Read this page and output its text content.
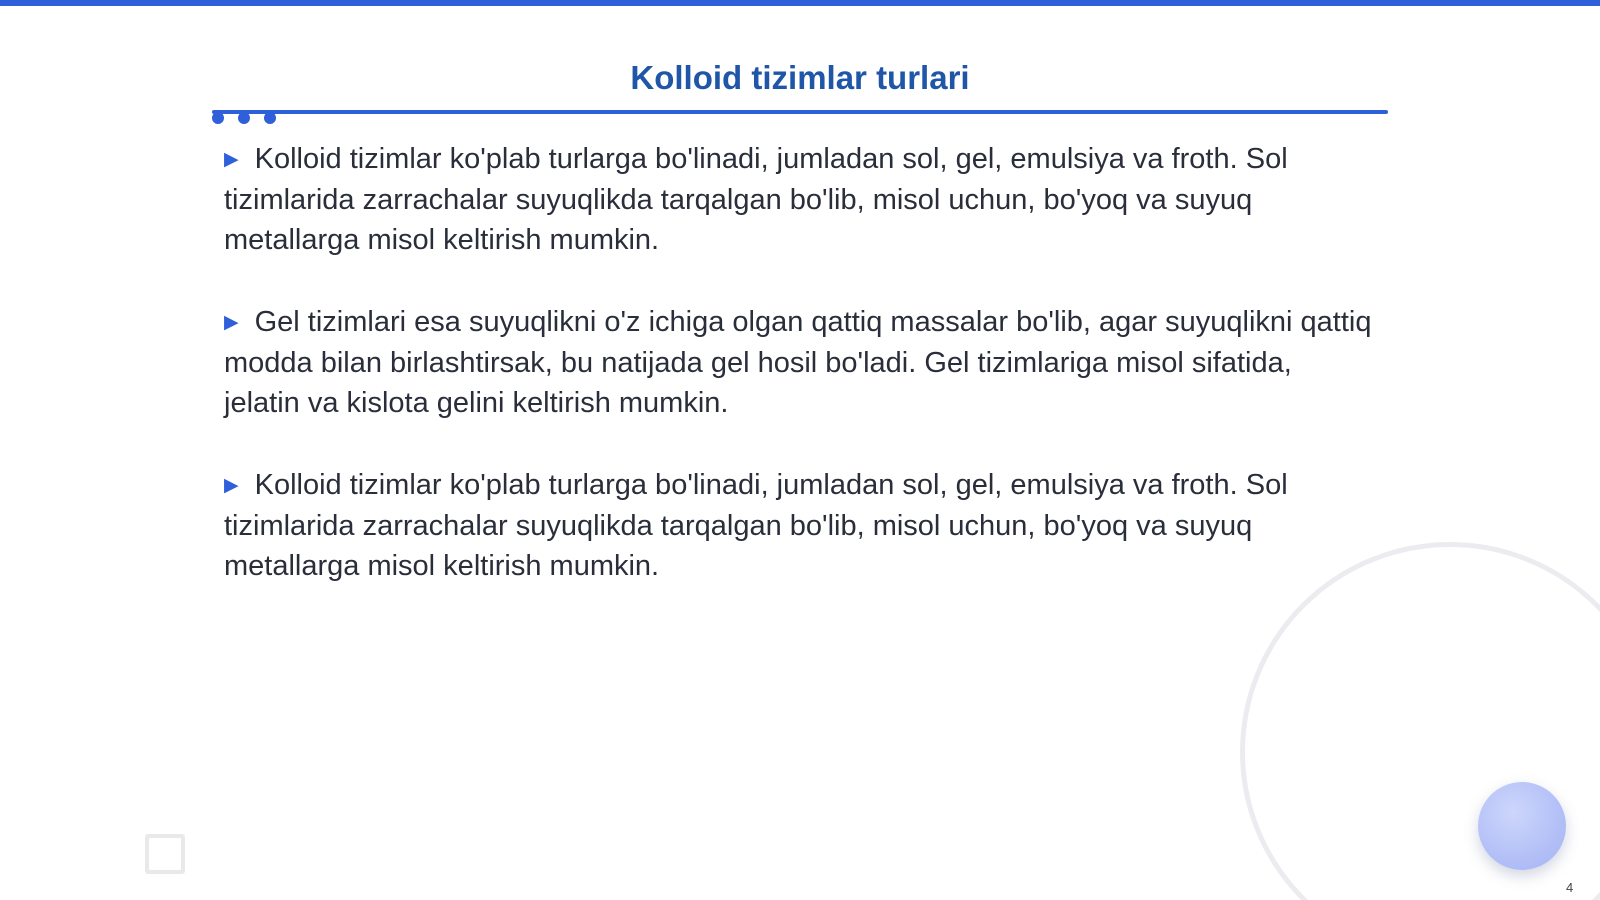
Kolloid tizimlar turlari

▶ Kolloid tizimlar ko'plab turlarga bo'linadi, jumladan sol, gel, emulsiya va froth. Sol tizimlarida zarrachalar suyuqlikda tarqalgan bo'lib, misol uchun, bo'yoq va suyuq metallarga misol keltirish mumkin.

▶ Gel tizimlari esa suyuqlikni o'z ichiga olgan qattiq massalar bo'lib, agar suyuqlikni qattiq modda bilan birlashtirsak, bu natijada gel hosil bo'ladi. Gel tizimlariga misol sifatida, jelatin va kislota gelini keltirish mumkin.

▶ Kolloid tizimlar ko'plab turlarga bo'linadi, jumladan sol, gel, emulsiya va froth. Sol tizimlarida zarrachalar suyuqlikda tarqalgan bo'lib, misol uchun, bo'yoq va suyuq metallarga misol keltirish mumkin.

4
